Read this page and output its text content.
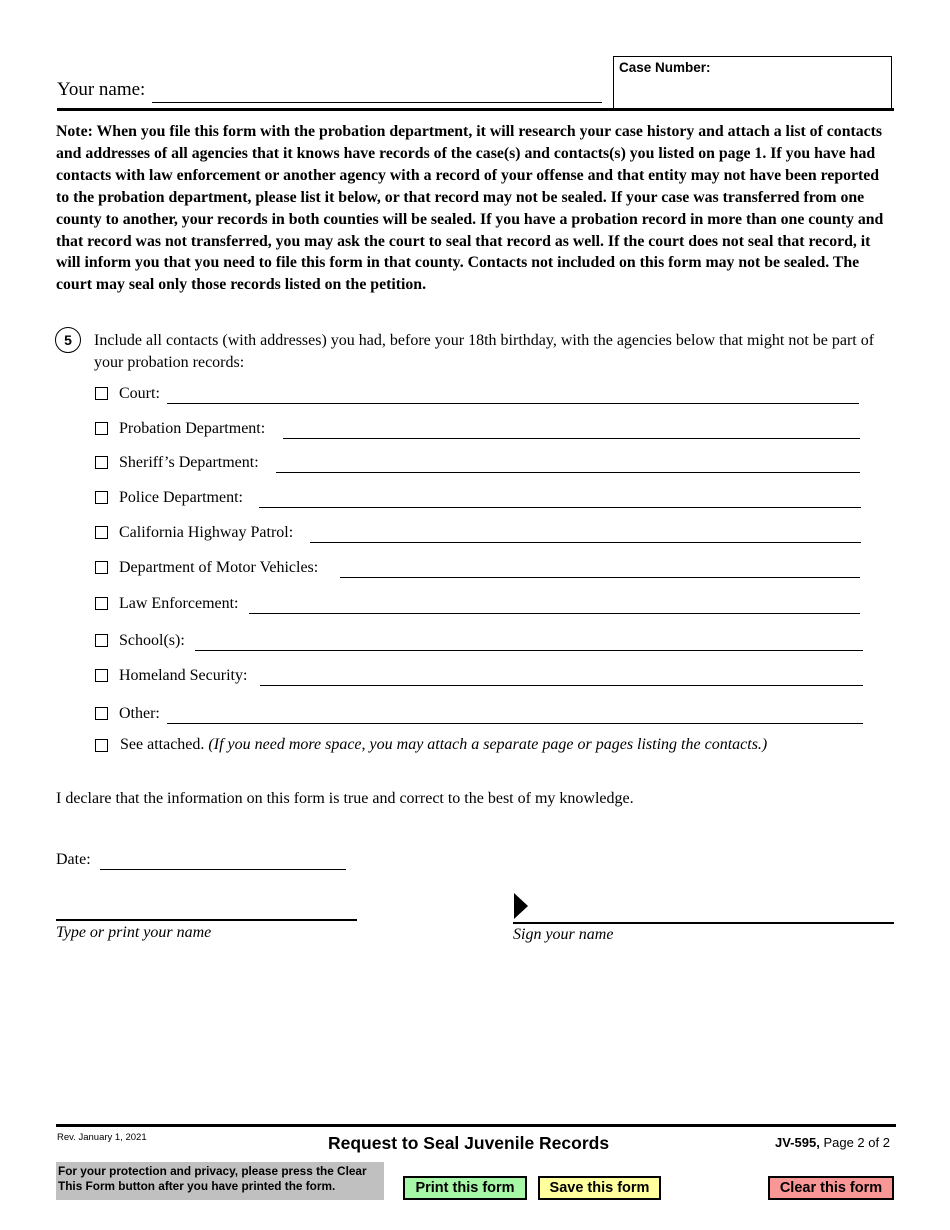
Your name:
Case Number:
Note: When you file this form with the probation department, it will research your case history and attach a list of contacts and addresses of all agencies that it knows have records of the case(s) and contacts(s) you listed on page 1. If you have had contacts with law enforcement or another agency with a record of your offense and that entity may not have been reported to the probation department, please list it below, or that record may not be sealed. If your case was transferred from one county to another, your records in both counties will be sealed. If you have a probation record in more than one county and that record was not transferred, you may ask the court to seal that record as well. If the court does not seal that record, it will inform you that you need to file this form in that county. Contacts not included on this form may not be sealed. The court may seal only those records listed on the petition.
5	Include all contacts (with addresses) you had, before your 18th birthday, with the agencies below that might not be part of your probation records:
Court:
Probation Department:
Sheriff’s Department:
Police Department:
California Highway Patrol:
Department of Motor Vehicles:
Law Enforcement:
School(s):
Homeland Security:
Other:
See attached. (If you need more space, you may attach a separate page or pages listing the contacts.)
I declare that the information on this form is true and correct to the best of my knowledge.
Date:
Type or print your name	Sign your name
Rev. January 1, 2021	Request to Seal Juvenile Records	JV-595, Page 2 of 2
For your protection and privacy, please press the Clear This Form button after you have printed the form.	Print this form	Save this form	Clear this form
